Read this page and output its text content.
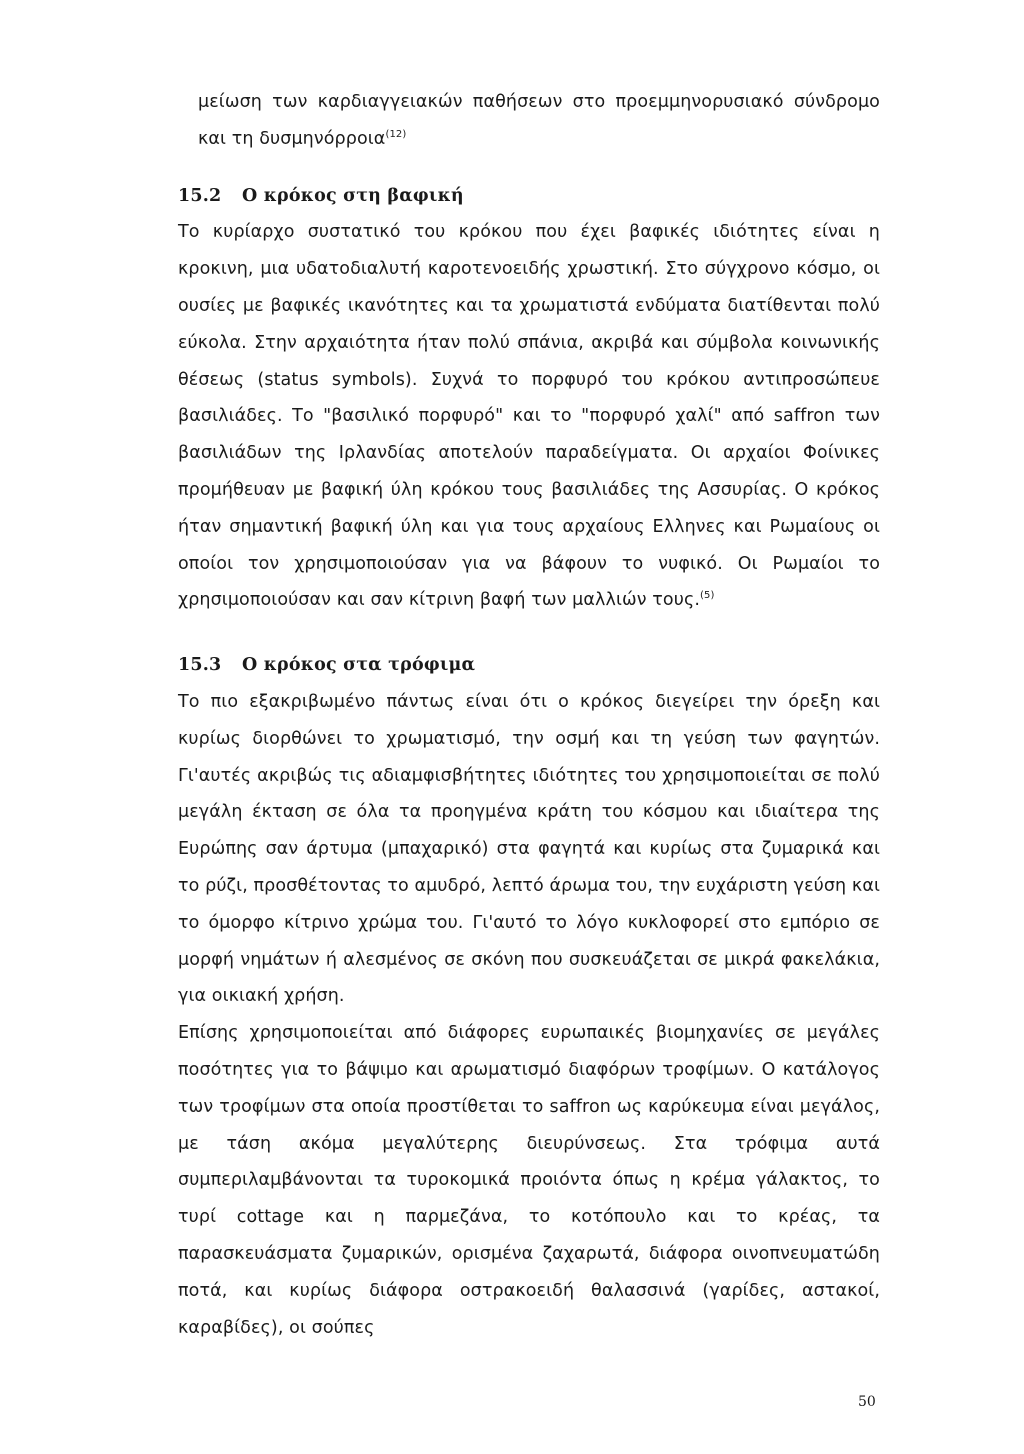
μείωση των καρδιαγγειακών παθήσεων στο προεμμηνορυσιακό σύνδρομο και τη δυσμηνόρροια$^{(12)}$

15.2 Ο κρόκος στη βαφική

Το κυρίαρχο συστατικό του κρόκου που έχει βαφικές ιδιότητες είναι η κροκινη, μια υδατοδιαλυτή καροτενοειδής χρωστική. Στο σύγχρονο κόσμο, οι ουσίες με βαφικές ικανότητες και τα χρωματιστά ενδύματα διατίθενται πολύ εύκολα. Στην αρχαιότητα ήταν πολύ σπάνια, ακριβά και σύμβολα κοινωνικής θέσεως (status symbols). Συχνά το πορφυρό του κρόκου αντιπροσώπευε βασιλιάδες. Το "βασιλικό πορφυρό" και το "πορφυρό χαλί" από saffron των βασιλιάδων της Ιρλανδίας αποτελούν παραδείγματα. Οι αρχαίοι Φοίνικες προμήθευαν με βαφική ύλη κρόκου τους βασιλιάδες της Ασσυρίας. Ο κρόκος ήταν σημαντική βαφική ύλη και για τους αρχαίους Ελληνες και Ρωμαίους οι οποίοι τον χρησιμοποιούσαν για να βάφουν το νυφικό. Οι Ρωμαίοι το χρησιμοποιούσαν και σαν κίτρινη βαφή των μαλλιών τους.$^{(5)}$

15.3 Ο κρόκος στα τρόφιμα

Το πιο εξακριβωμένο πάντως είναι ότι ο κρόκος διεγείρει την όρεξη και κυρίως διορθώνει το χρωματισμό, την οσμή και τη γεύση των φαγητών. Γι'αυτές ακριβώς τις αδιαμφισβήτητες ιδιότητες του χρησιμοποιείται σε πολύ μεγάλη έκταση σε όλα τα προηγμένα κράτη του κόσμου και ιδιαίτερα της Ευρώπης σαν άρτυμα (μπαχαρικό) στα φαγητά και κυρίως στα ζυμαρικά και το ρύζι, προσθέτοντας το αμυδρό, λεπτό άρωμα του, την ευχάριστη γεύση και το όμορφο κίτρινο χρώμα του. Γι'αυτό το λόγο κυκλοφορεί στο εμπόριο σε μορφή νημάτων ή αλεσμένος σε σκόνη που συσκευάζεται σε μικρά φακελάκια, για οικιακή χρήση.

Επίσης χρησιμοποιείται από διάφορες ευρωπαικές βιομηχανίες σε μεγάλες ποσότητες για το βάψιμο και αρωματισμό διαφόρων τροφίμων. Ο κατάλογος των τροφίμων στα οποία προστίθεται το saffron ως καρύκευμα είναι μεγάλος, με τάση ακόμα μεγαλύτερης διευρύνσεως. Στα τρόφιμα αυτά συμπεριλαμβάνονται τα τυροκομικά προιόντα όπως η κρέμα γάλακτος, το τυρί cottage και η παρμεζάνα, το κοτόπουλο και το κρέας, τα παρασκευάσματα ζυμαρικών, ορισμένα ζαχαρωτά, διάφορα οινοπνευματώδη ποτά, και κυρίως διάφορα οστρακοειδή θαλασσινά (γαρίδες, αστακοί, καραβίδες), οι σούπες

50
